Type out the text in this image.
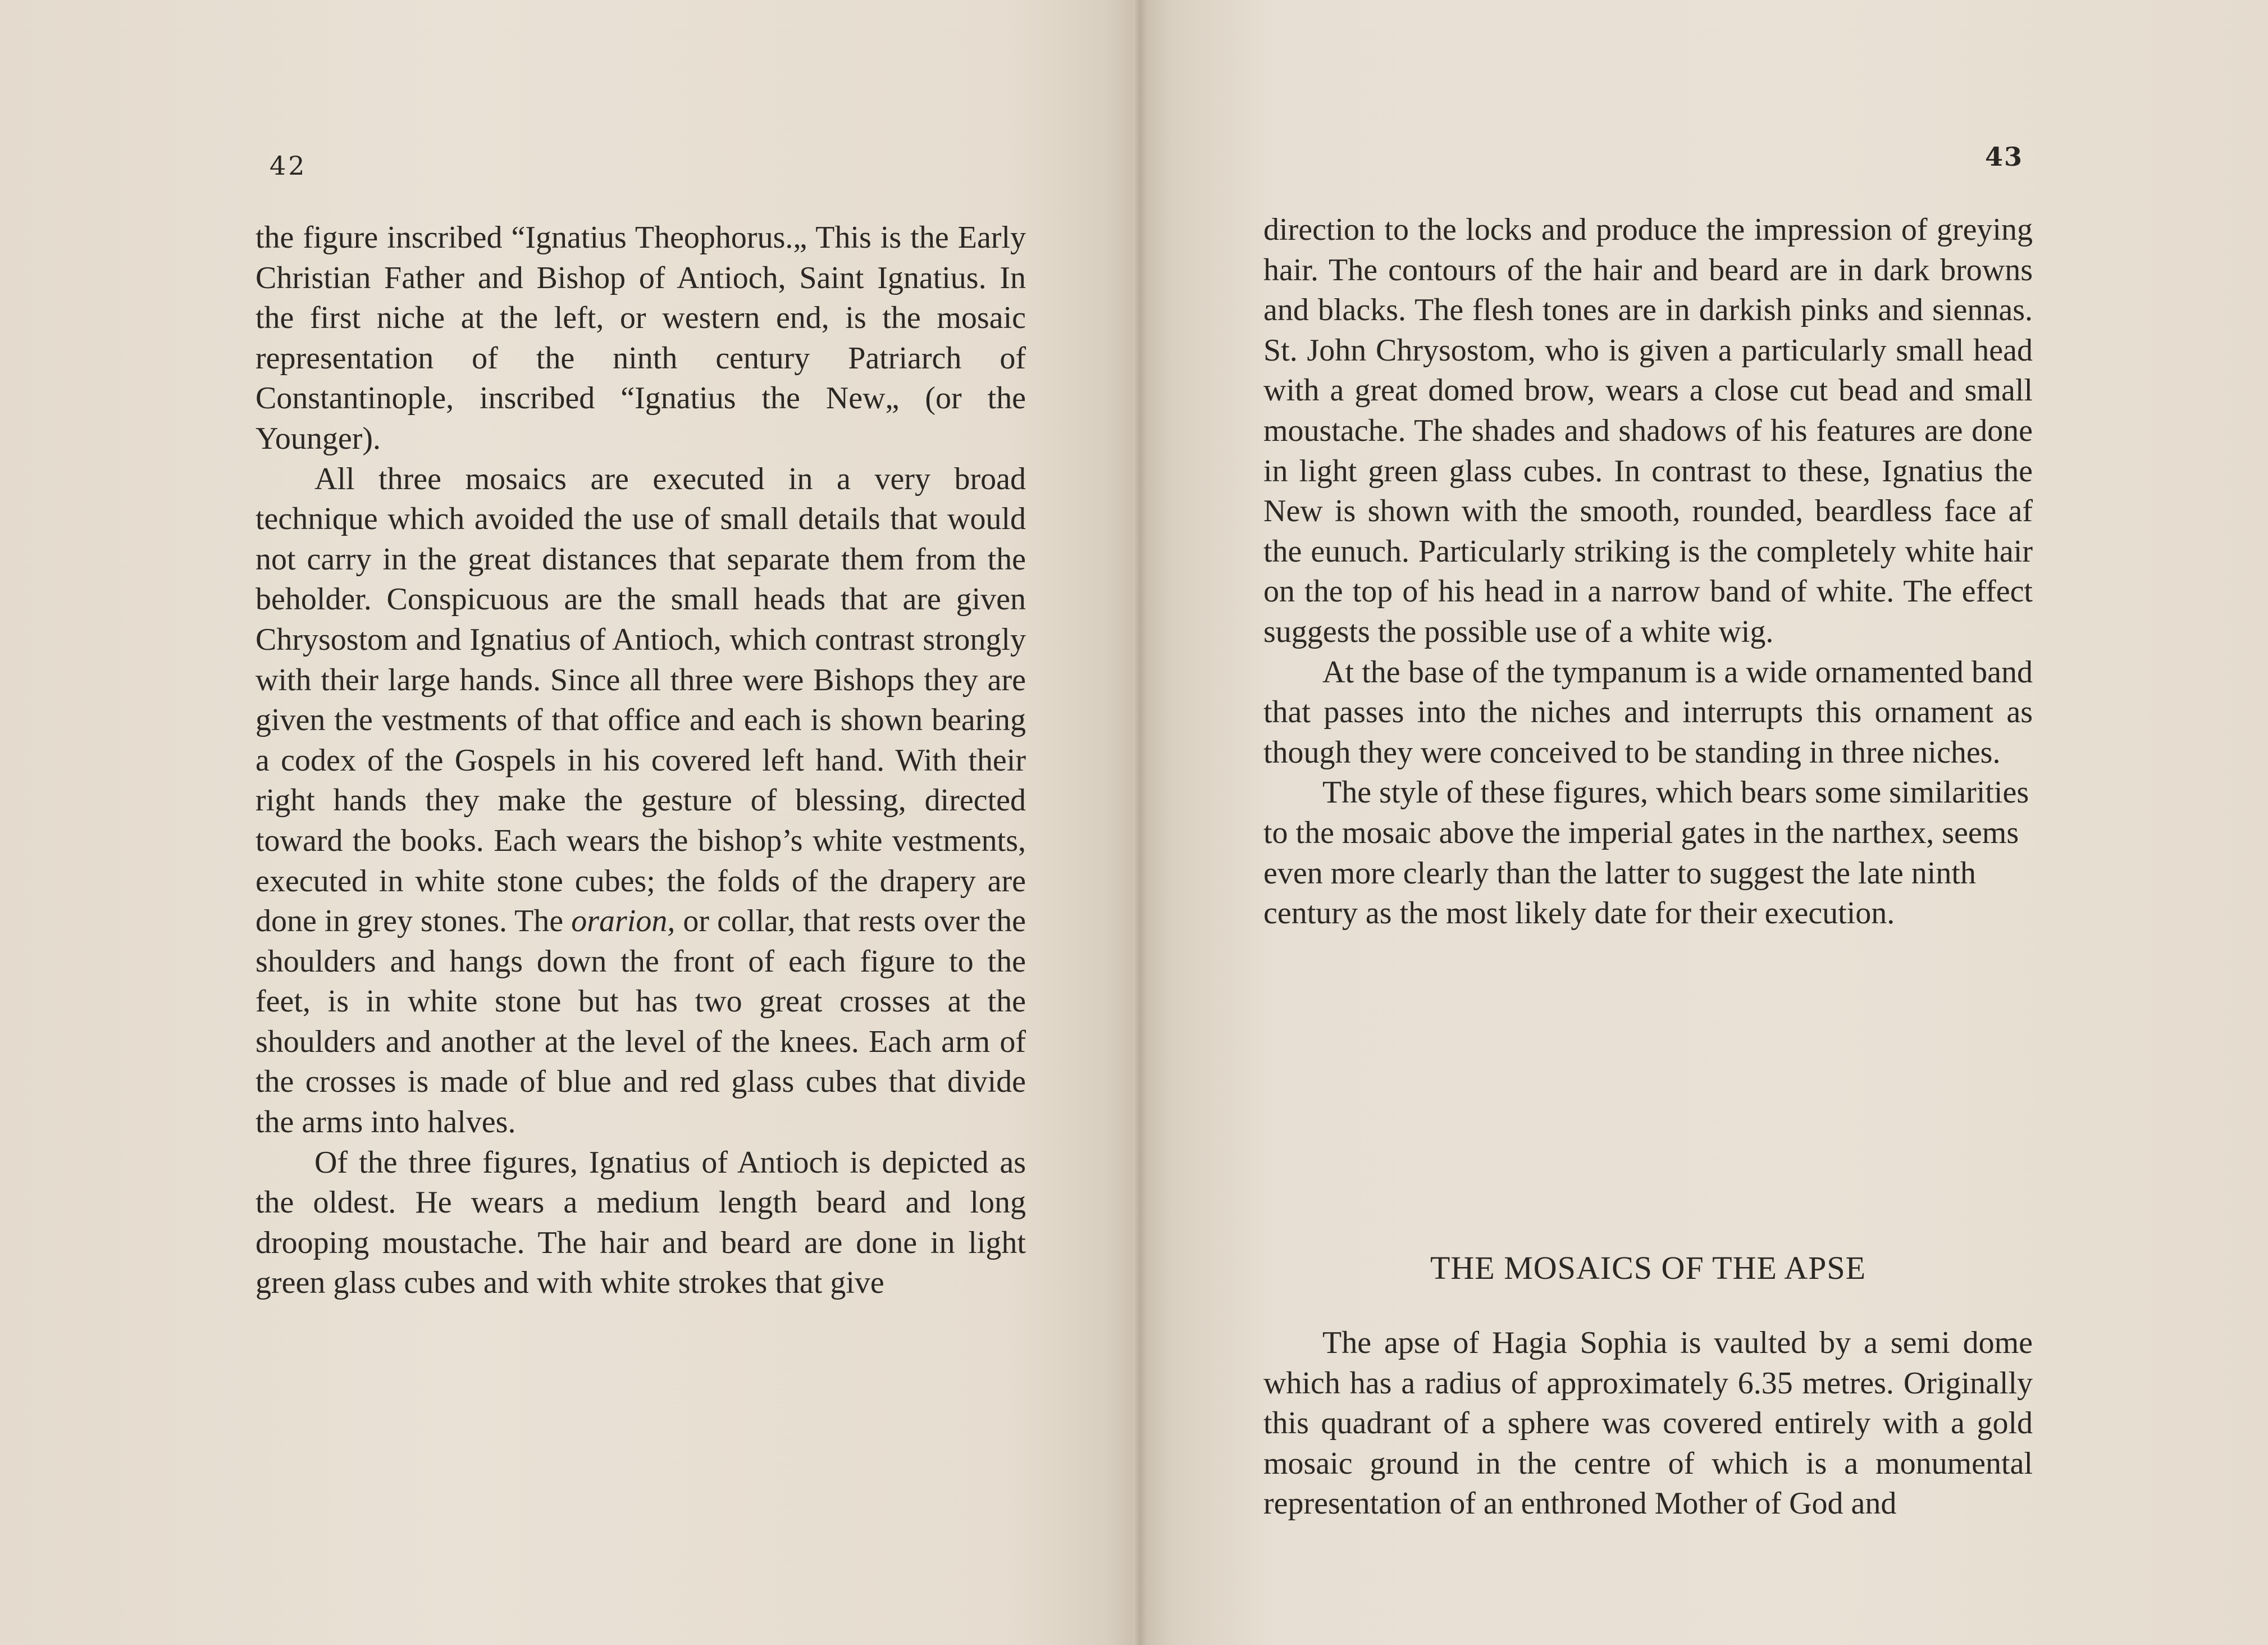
42	43

the figure inscribed “Ignatius Theophorus.„ This is the Early Christian Father and Bishop of Antioch, Saint Ignatius. In the first niche at the left, or western end, is the mosaic representation of the ninth century Patriarch of Constantinople, inscribed “Ignatius the New„ (or the Younger).

All three mosaics are executed in a very broad technique which avoided the use of small details that would not carry in the great distances that separate them from the beholder. Conspicuous are the small heads that are given Chrysostom and Ignatius of Antioch, which contrast strongly with their large hands. Since all three were Bishops they are given the vestments of that office and each is shown bearing a codex of the Gospels in his covered left hand. With their right hands they make the gesture of blessing, directed toward the books. Each wears the bishop’s white vestments, executed in white stone cubes; the folds of the drapery are done in grey stones. The orarion, or collar, that rests over the shoulders and hangs down the front of each figure to the feet, is in white stone but has two great crosses at the shoulders and another at the level of the knees. Each arm of the crosses is made of blue and red glass cubes that divide the arms into halves.

Of the three figures, Ignatius of Antioch is depicted as the oldest. He wears a medium length beard and long drooping moustache. The hair and beard are done in light green glass cubes and with white strokes that give

direction to the locks and produce the impression of greying hair. The contours of the hair and beard are in dark browns and blacks. The flesh tones are in darkish pinks and siennas. St. John Chrysostom, who is given a particularly small head with a great domed brow, wears a close cut bead and small moustache. The shades and shadows of his features are done in light green glass cubes. In contrast to these, Ignatius the New is shown with the smooth, rounded, beardless face af the eunuch. Particularly striking is the completely white hair on the top of his head in a narrow band of white. The effect suggests the possible use of a white wig.

At the base of the tympanum is a wide ornamented band that passes into the niches and interrupts this ornament as though they were conceived to be standing in three niches.

The style of these figures, which bears some similarities to the mosaic above the imperial gates in the narthex, seems even more clearly than the latter to suggest the late ninth century as the most likely date for their execution.

THE MOSAICS OF THE APSE

The apse of Hagia Sophia is vaulted by a semi dome which has a radius of approximately 6.35 metres. Originally this quadrant of a sphere was covered entirely with a gold mosaic ground in the centre of which is a monumental representation of an enthroned Mother of God and
